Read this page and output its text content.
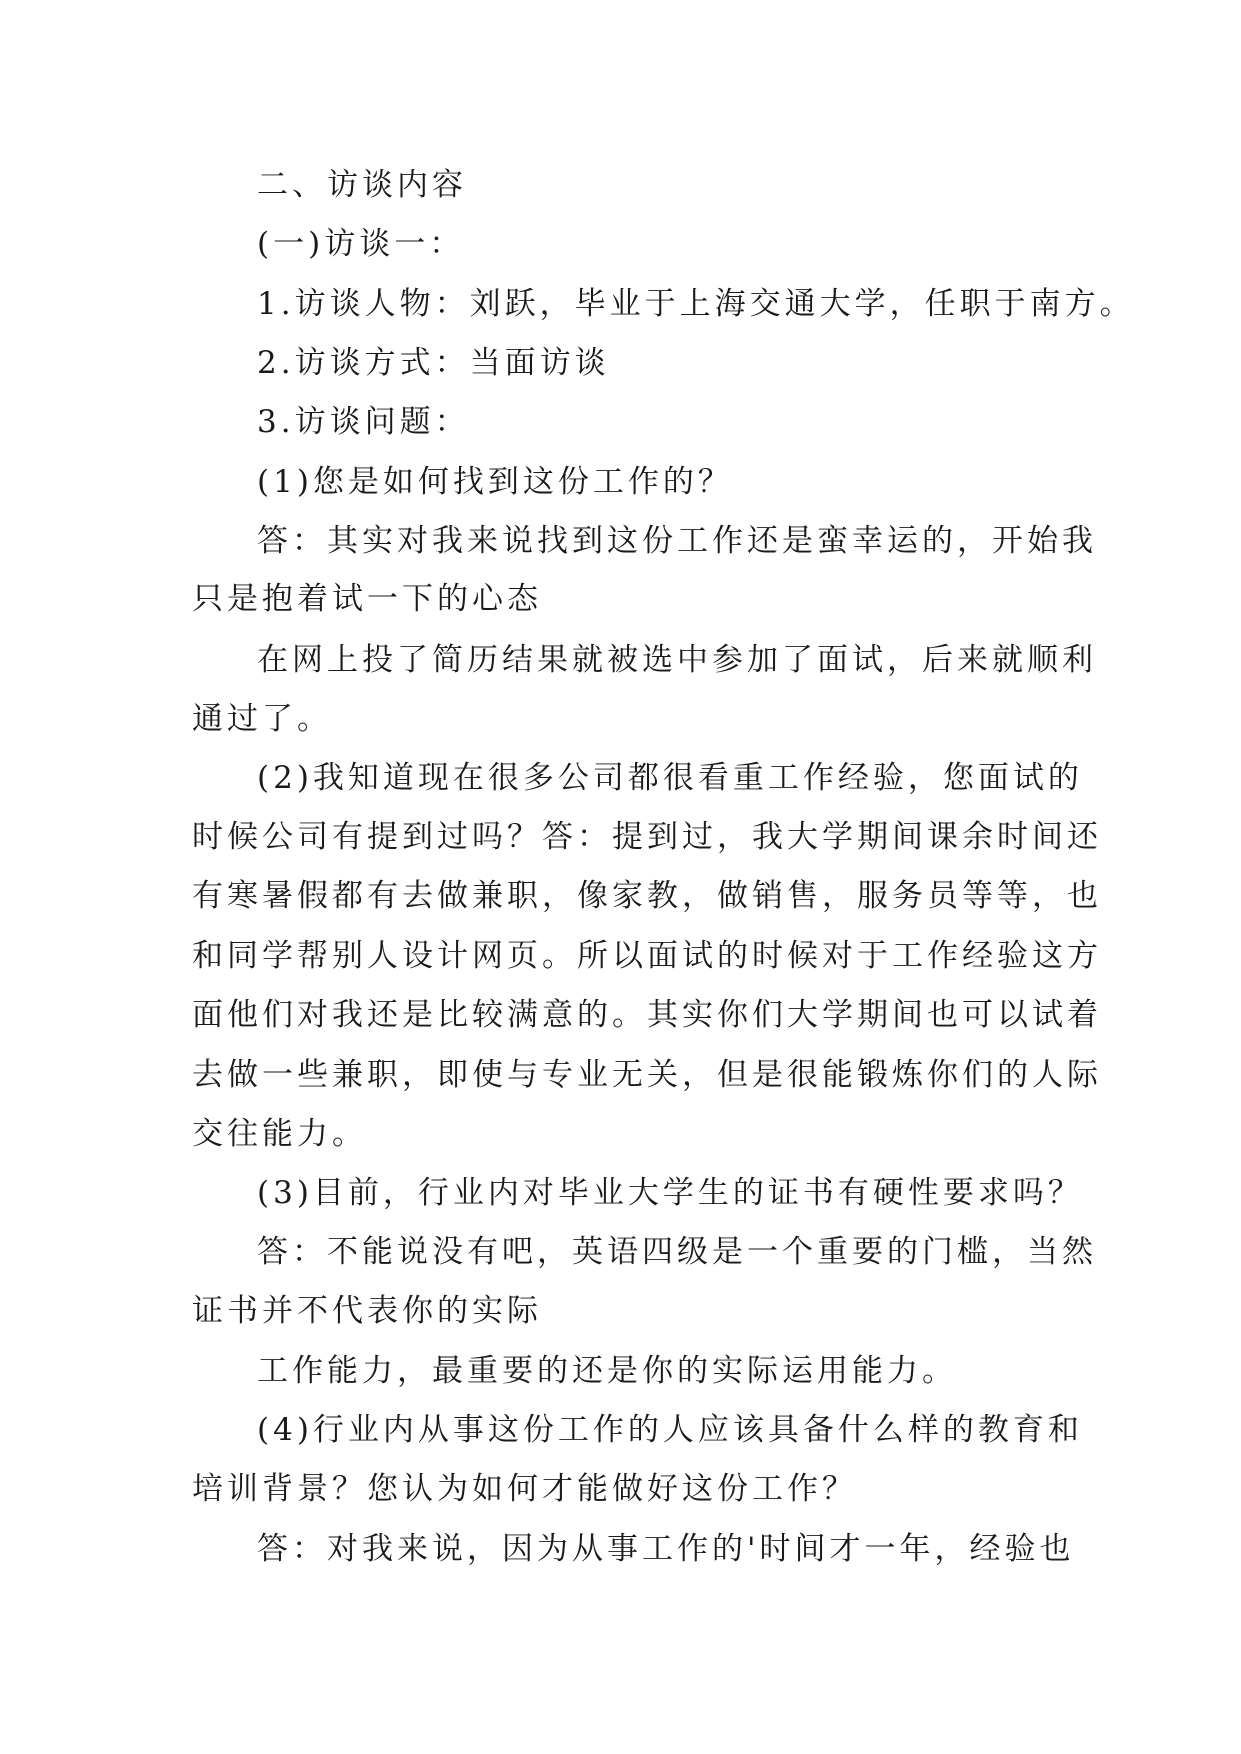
二、访谈内容
(一)访谈一：
1.访谈人物：刘跃，毕业于上海交通大学，任职于南方。
2.访谈方式：当面访谈
3.访谈问题：
(1)您是如何找到这份工作的？
答：其实对我来说找到这份工作还是蛮幸运的，开始我
只是抱着试一下的心态
在网上投了简历结果就被选中参加了面试，后来就顺利
通过了。
(2)我知道现在很多公司都很看重工作经验，您面试的
时候公司有提到过吗？答：提到过，我大学期间课余时间还
有寒暑假都有去做兼职，像家教，做销售，服务员等等，也
和同学帮别人设计网页。所以面试的时候对于工作经验这方
面他们对我还是比较满意的。其实你们大学期间也可以试着
去做一些兼职，即使与专业无关，但是很能锻炼你们的人际
交往能力。
(3)目前，行业内对毕业大学生的证书有硬性要求吗？
答：不能说没有吧，英语四级是一个重要的门槛，当然
证书并不代表你的实际
工作能力，最重要的还是你的实际运用能力。
(4)行业内从事这份工作的人应该具备什么样的教育和
培训背景？您认为如何才能做好这份工作？
答：对我来说，因为从事工作的'时间才一年，经验也
